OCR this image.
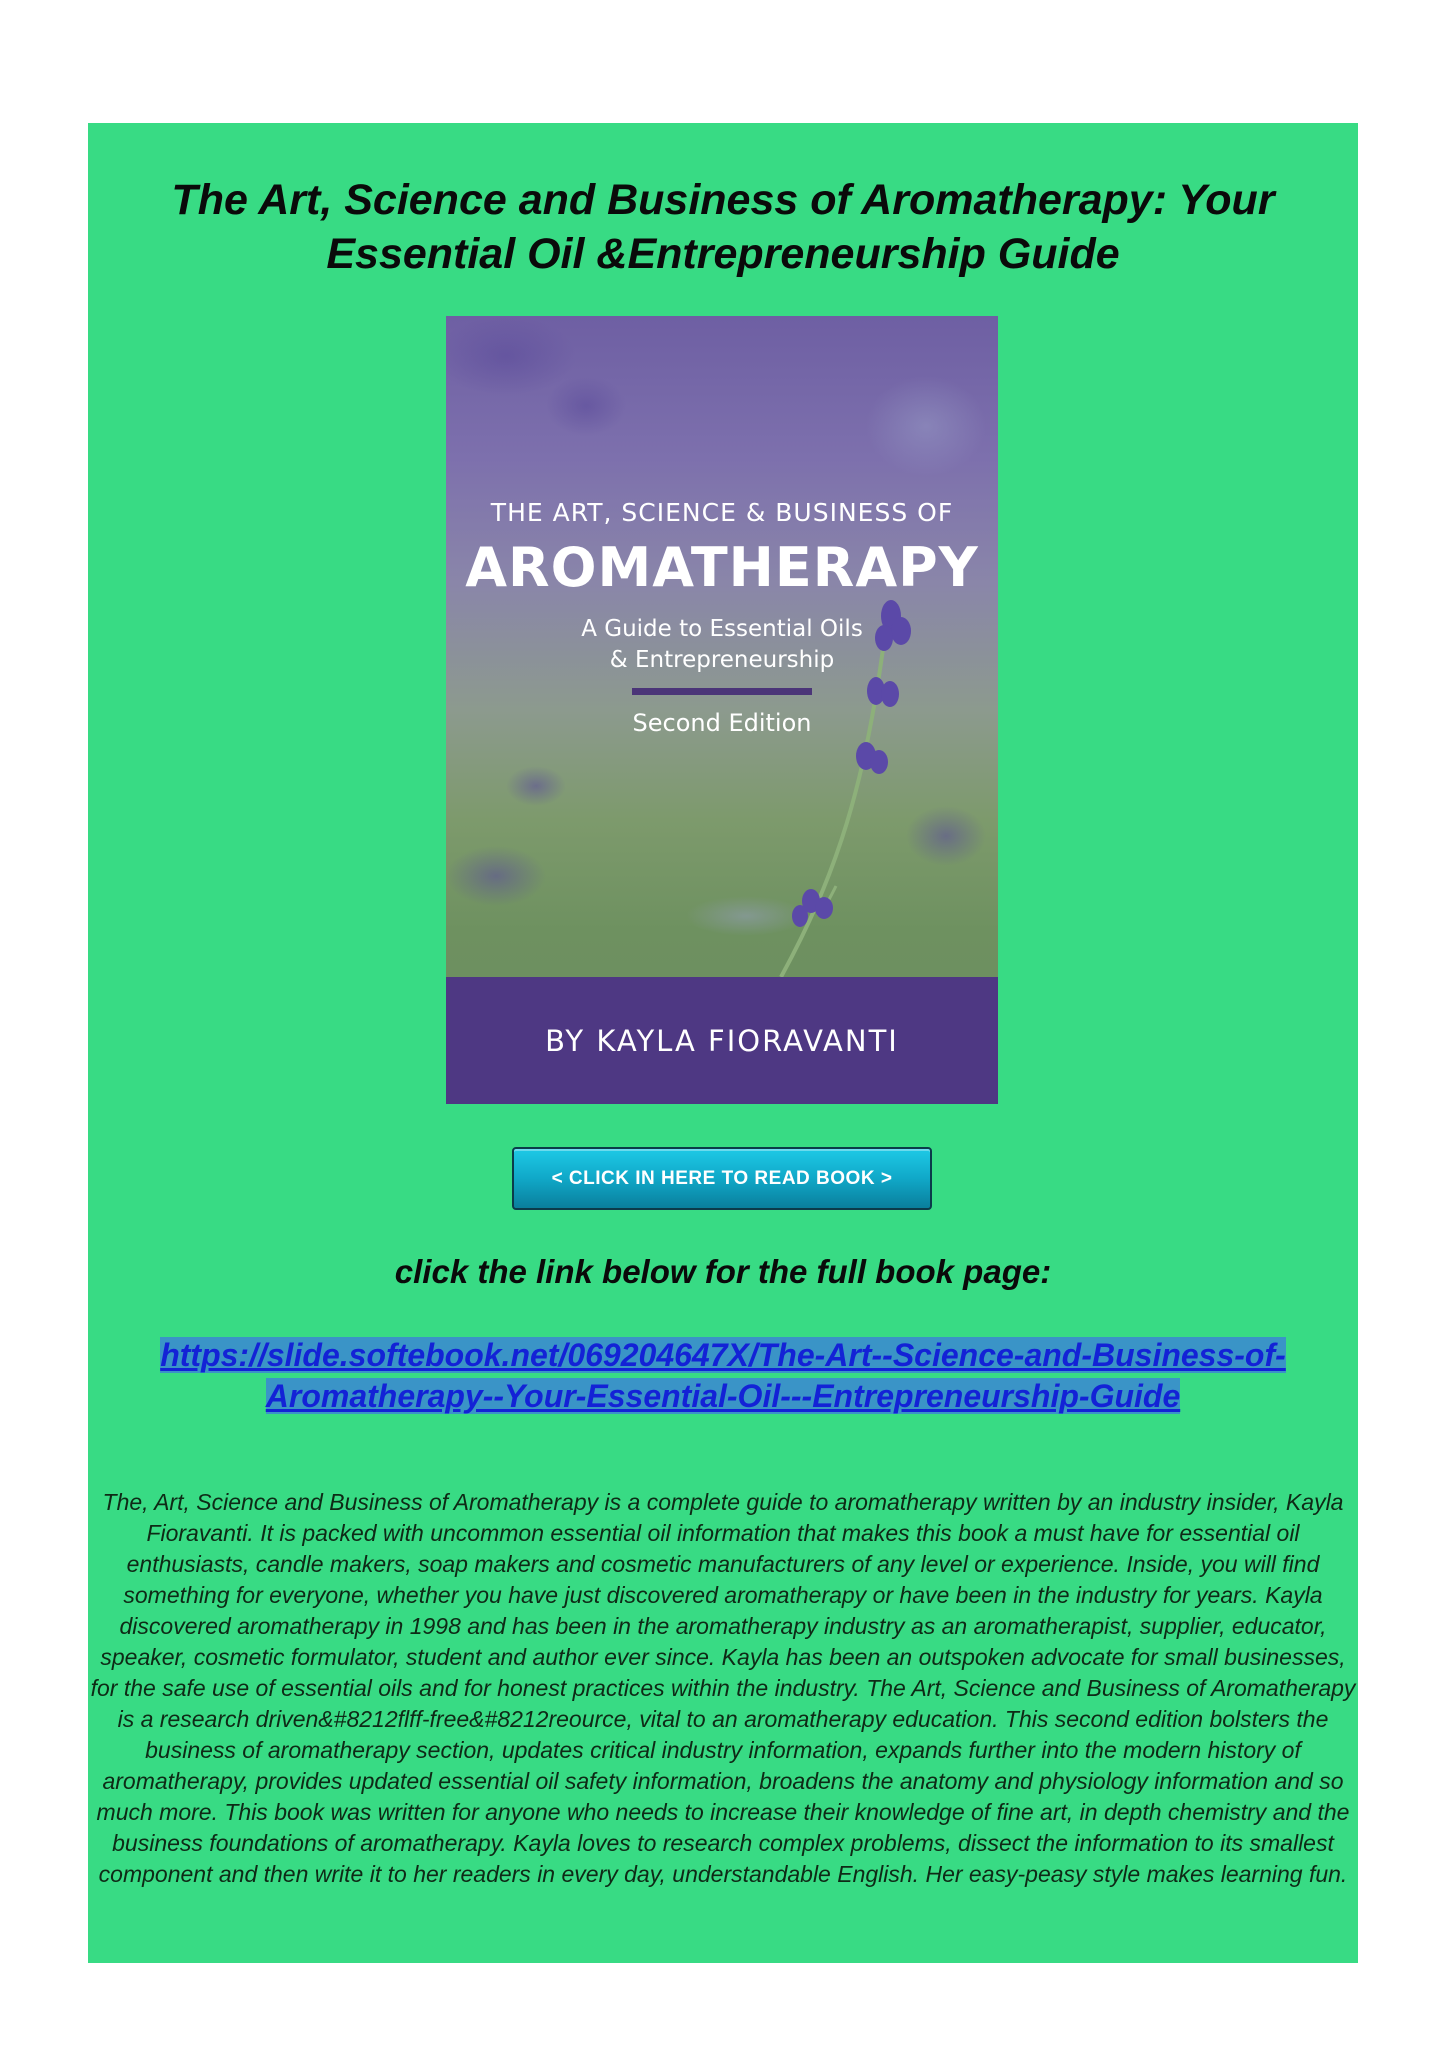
The Art, Science and Business of Aromatherapy: Your Essential Oil &Entrepreneurship Guide
THE ART, SCIENCE & BUSINESS OF
AROMATHERAPY
A Guide to Essential Oils
& Entrepreneurship
Second Edition
BY KAYLA FIORAVANTI
< CLICK IN HERE TO READ BOOK >
click the link below for the full book page:
https://slide.softebook.net/069204647X/The-Art--Science-and-Business-of-Aromatherapy--Your-Essential-Oil---Entrepreneurship-Guide
The, Art, Science and Business of Aromatherapy is a complete guide to aromatherapy written by an industry insider, Kayla Fioravanti. It is packed with uncommon essential oil information that makes this book a must have for essential oil enthusiasts, candle makers, soap makers and cosmetic manufacturers of any level or experience. Inside, you will find something for everyone, whether you have just discovered aromatherapy or have been in the industry for years. Kayla discovered aromatherapy in 1998 and has been in the aromatherapy industry as an aromatherapist, supplier, educator, speaker, cosmetic formulator, student and author ever since. Kayla has been an outspoken advocate for small businesses, for the safe use of essential oils and for honest practices within the industry. The Art, Science and Business of Aromatherapy is a research driven&#8212flff-free&#8212reource, vital to an aromatherapy education. This second edition bolsters the business of aromatherapy section, updates critical industry information, expands further into the modern history of aromatherapy, provides updated essential oil safety information, broadens the anatomy and physiology information and so much more. This book was written for anyone who needs to increase their knowledge of fine art, in depth chemistry and the business foundations of aromatherapy. Kayla loves to research complex problems, dissect the information to its smallest component and then write it to her readers in every day, understandable English. Her easy-peasy style makes learning fun.
